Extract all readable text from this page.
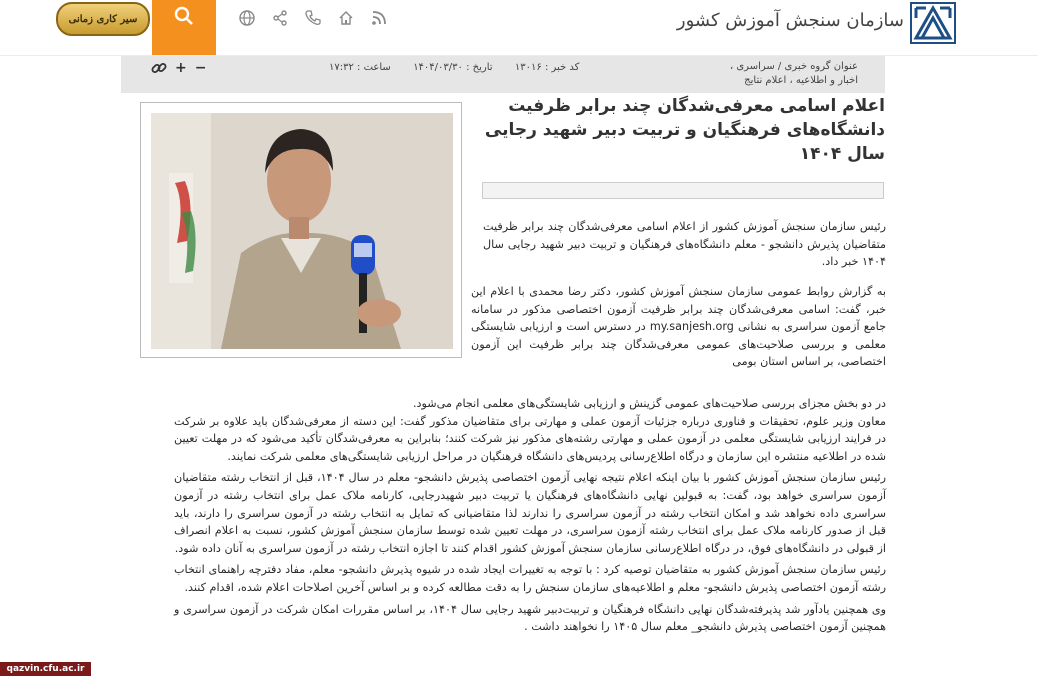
سازمان سنجش آموزش کشور
سیر کاری زمانی
عنوان گروه خبری / سراسری ،
اخبار و اطلاعیه ، اعلام نتایج
کد خبر : ۱۳۰۱۶  تاریخ : ۱۴۰۴/۰۳/۳۰  ساعت : ۱۷:۳۲
+ −
اعلام اسامی معرفی‌شدگان چند برابر ظرفیت دانشگاه‌های فرهنگیان و تربیت دبیر شهید رجایی سال ۱۴۰۴
رئیس سازمان سنجش آموزش کشور از اعلام اسامی معرفی‌شدگان چند برابر ظرفیت متقاضیان پذیرش دانشجو - معلم دانشگاه‌های فرهنگیان و تربیت دبیر شهید رجایی سال ۱۴۰۴ خبر داد.
به گزارش روابط عمومی سازمان سنجش آموزش کشور، دکتر رضا محمدی با اعلام این خبر، گفت: اسامی معرفی‌شدگان چند برابر ظرفیت آزمون اختصاصی مذکور در سامانه جامع آزمون سراسری به نشانی my.sanjesh.org در دسترس است و ارزیابی شایستگی معلمی و بررسی صلاحیت‌های عمومی معرفی‌شدگان چند برابر ظرفیت این آزمون اختصاصی، بر اساس استان بومی
در دو بخش مجزای بررسی صلاحیت‌های عمومی گزینش و ارزیابی شایستگی‌های معلمی انجام می‌شود.
معاون وزیر علوم، تحقیقات و فناوری درباره جزئیات آزمون عملی و مهارتی برای متقاضیان مذکور گفت: این دسته از معرفی‌شدگان باید علاوه بر شرکت در فرایند ارزیابی شایستگی معلمی در آزمون عملی و مهارتی رشته‌های مذکور نیز شرکت کنند؛ بنابراین به معرفی‌شدگان تأکید می‌شود که در مهلت تعیین شده در اطلاعیه منتشره این سازمان و درگاه اطلاع‌رسانی پردیس‌های دانشگاه فرهنگیان در مراحل ارزیابی شایستگی‌های معلمی شرکت نمایند.
رئیس سازمان سنجش آموزش کشور با بیان اینکه اعلام نتیجه نهایی آزمون اختصاصی پذیرش دانشجو- معلم در سال ۱۴۰۴، قبل از انتخاب رشته متقاضیان آزمون سراسری خواهد بود، گفت: به قبولین نهایی دانشگاه‌های فرهنگیان یا تربیت دبیر شهیدرجایی، کارنامه ملاک عمل برای انتخاب رشته در آزمون سراسری داده نخواهد شد و امکان انتخاب رشته در آزمون سراسری را ندارند لذا متقاضیانی که تمایل به انتخاب رشته در آزمون سراسری را دارند، باید قبل از صدور کارنامه ملاک عمل برای انتخاب رشته آزمون سراسری، در مهلت تعیین شده توسط سازمان سنجش آموزش کشور، نسبت به اعلام انصراف از قبولی در دانشگاه‌های فوق، در درگاه اطلاع‌رسانی سازمان سنجش آموزش کشور اقدام کنند تا اجازه انتخاب رشته در آزمون سراسری به آنان داده شود.
رئیس سازمان سنجش آموزش کشور به متقاضیان توصیه کرد : با توجه به تغییرات ایجاد شده در شیوه پذیرش دانشجو- معلم، مفاد دفترچه راهنمای انتخاب رشته آزمون اختصاصی پذیرش دانشجو- معلم و اطلاعیه‌های سازمان سنجش را به دقت مطالعه کرده و بر اساس آخرین اصلاحات اعلام شده، اقدام کنند.
وی همچنین یادآور شد پذیرفته‌شدگان نهایی دانشگاه فرهنگیان و تربیت‌دبیر شهید رجایی سال ۱۴۰۴، بر اساس مقررات امکان شرکت در آزمون سراسری و همچنین آزمون اختصاصی پذیرش دانشجو_ معلم سال ۱۴۰۵ را نخواهند داشت .
qazvin.cfu.ac.ir
